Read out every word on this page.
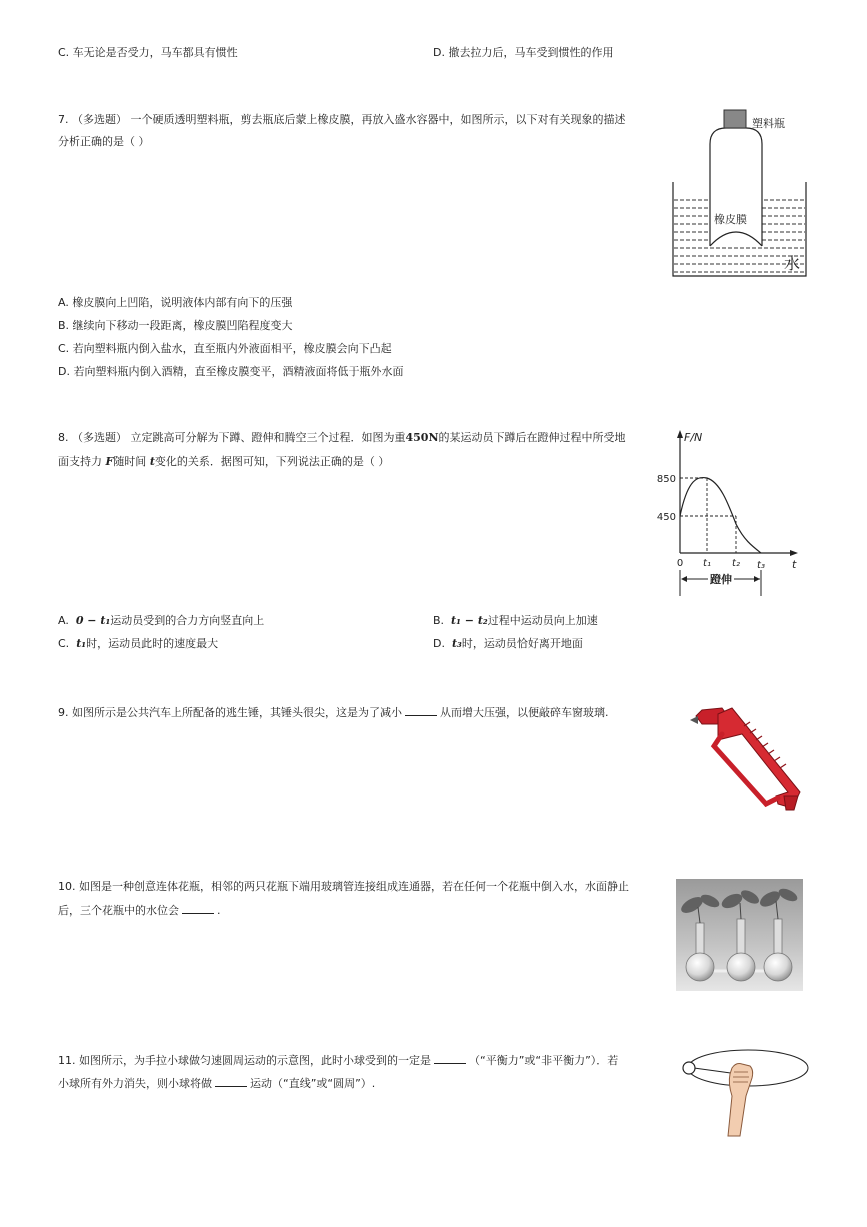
C. 车无论是否受力，马车都具有惯性	D. 撤去拉力后，马车受到惯性的作用
7. （多选题） 一个硬质透明塑料瓶，剪去瓶底后蒙上橡皮膜，再放入盛水容器中，如图所示，以下对有关现象的描述
分析正确的是（ ）
塑料瓶
橡皮膜
水
A. 橡皮膜向上凹陷，说明液体内部有向下的压强
B. 继续向下移动一段距离，橡皮膜凹陷程度变大
C. 若向塑料瓶内倒入盐水，直至瓶内外液面相平，橡皮膜会向下凸起
D. 若向塑料瓶内倒入酒精，直至橡皮膜变平，酒精液面将低于瓶外水面
8. （多选题） 立定跳高可分解为下蹲、蹬伸和腾空三个过程．如图为重450N的某运动员下蹲后在蹬伸过程中所受地
面支持力 F随时间 t变化的关系．据图可知，下列说法正确的是（ ）
F/N
t
850
450
0 t₁ t₂ t₃
蹬伸
A. 0 − t₁运动员受到的合力方向竖直向上	B. t₁ − t₂过程中运动员向上加速
C. t₁时，运动员此时的速度最大	D. t₃时，运动员恰好离开地面
9. 如图所示是公共汽车上所配备的逃生锤，其锤头很尖，这是为了减小	从而增大压强，以便敲碎车窗玻璃.
10. 如图是一种创意连体花瓶，相邻的两只花瓶下端用玻璃管连接组成连通器，若在任何一个花瓶中倒入水，水面静止
后，三个花瓶中的水位会	.
11. 如图所示，为手拉小球做匀速圆周运动的示意图，此时小球受到的一定是	（“平衡力”或“非平衡力”）．若
小球所有外力消失，则小球将做	运动（“直线”或“圆周”）.
